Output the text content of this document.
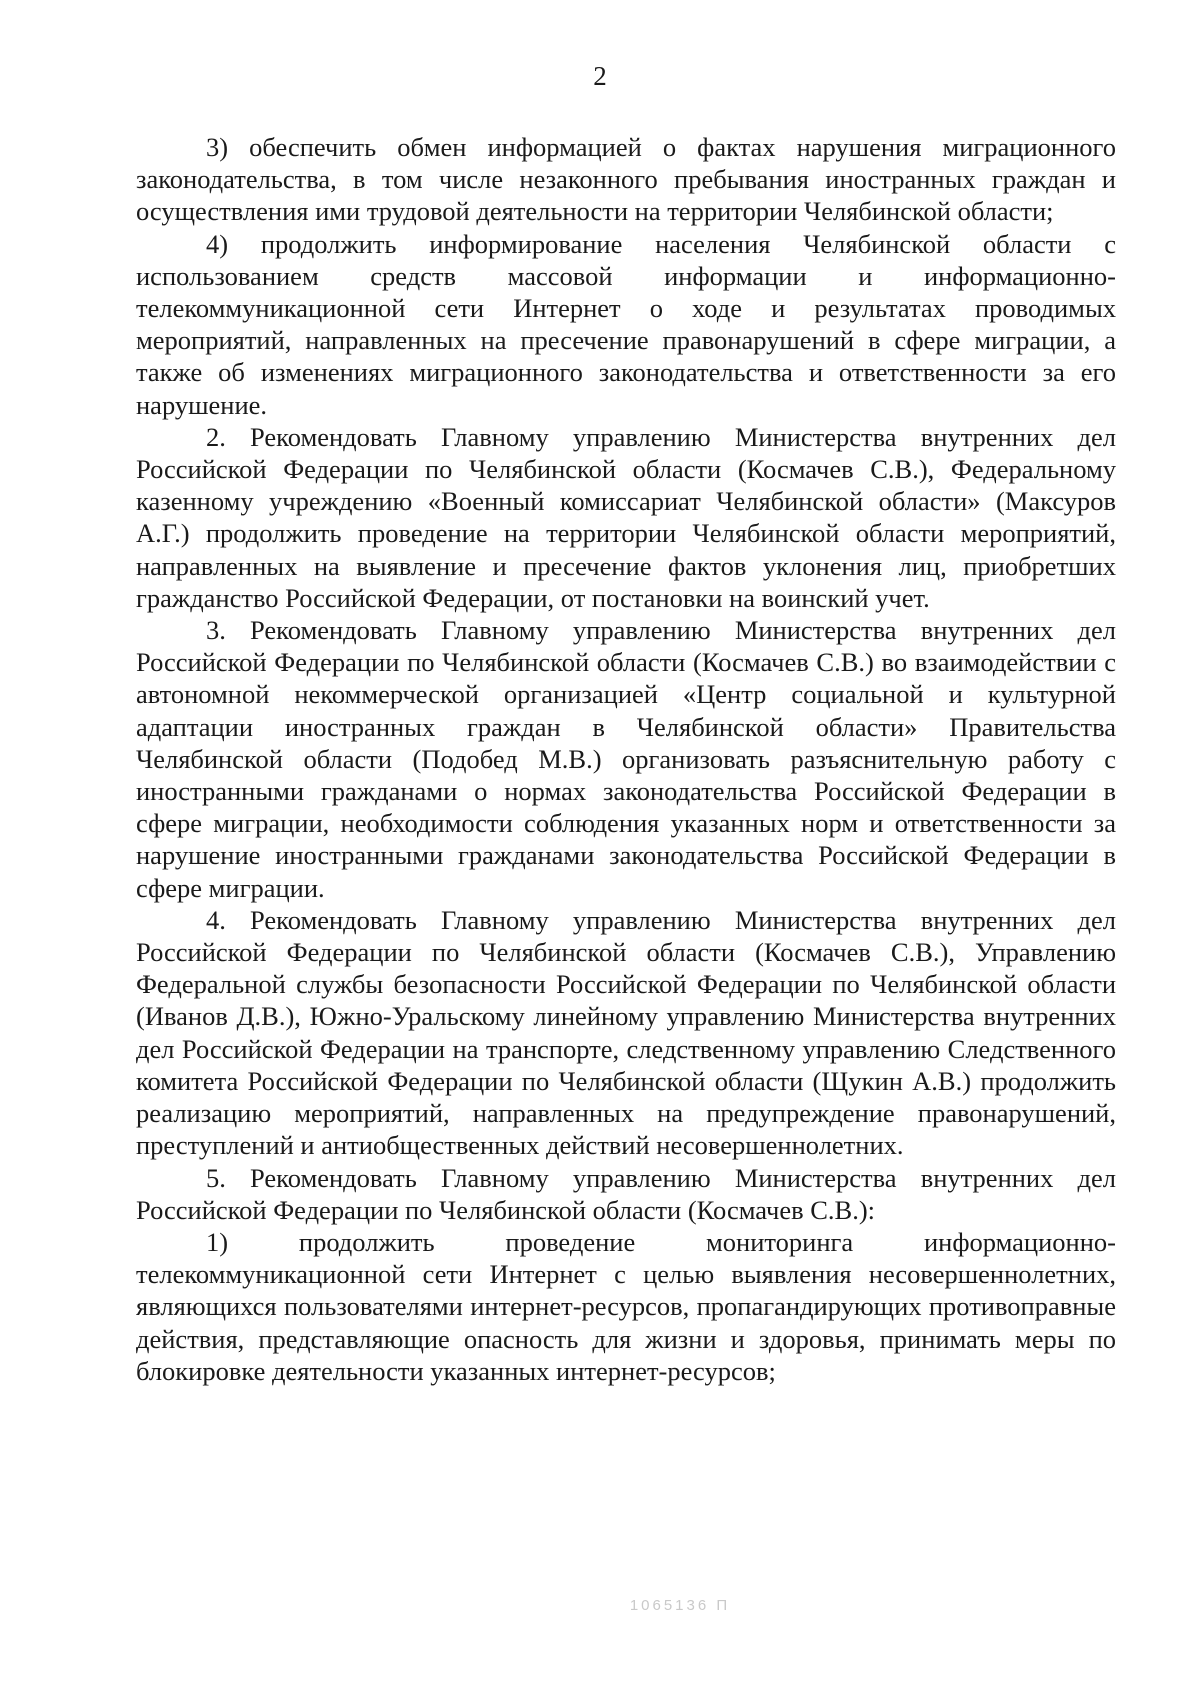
2

3) обеспечить обмен информацией о фактах нарушения миграционного законодательства, в том числе незаконного пребывания иностранных граждан и осуществления ими трудовой деятельности на территории Челябинской области;

4) продолжить информирование населения Челябинской области с использованием средств массовой информации и информационно-телекоммуникационной сети Интернет о ходе и результатах проводимых мероприятий, направленных на пресечение правонарушений в сфере миграции, а также об изменениях миграционного законодательства и ответственности за его нарушение.

2. Рекомендовать Главному управлению Министерства внутренних дел Российской Федерации по Челябинской области (Космачев С.В.), Федеральному казенному учреждению «Военный комиссариат Челябинской области» (Максуров А.Г.) продолжить проведение на территории Челябинской области мероприятий, направленных на выявление и пресечение фактов уклонения лиц, приобретших гражданство Российской Федерации, от постановки на воинский учет.

3. Рекомендовать Главному управлению Министерства внутренних дел Российской Федерации по Челябинской области (Космачев С.В.) во взаимодействии с автономной некоммерческой организацией «Центр социальной и культурной адаптации иностранных граждан в Челябинской области» Правительства Челябинской области (Подобед М.В.) организовать разъяснительную работу с иностранными гражданами о нормах законодательства Российской Федерации в сфере миграции, необходимости соблюдения указанных норм и ответственности за нарушение иностранными гражданами законодательства Российской Федерации в сфере миграции.

4. Рекомендовать Главному управлению Министерства внутренних дел Российской Федерации по Челябинской области (Космачев С.В.), Управлению Федеральной службы безопасности Российской Федерации по Челябинской области (Иванов Д.В.), Южно-Уральскому линейному управлению Министерства внутренних дел Российской Федерации на транспорте, следственному управлению Следственного комитета Российской Федерации по Челябинской области (Щукин А.В.) продолжить реализацию мероприятий, направленных на предупреждение правонарушений, преступлений и антиобщественных действий несовершеннолетних.

5. Рекомендовать Главному управлению Министерства внутренних дел Российской Федерации по Челябинской области (Космачев С.В.):

1) продолжить проведение мониторинга информационно-телекоммуникационной сети Интернет с целью выявления несовершеннолетних, являющихся пользователями интернет-ресурсов, пропагандирующих противоправные действия, представляющие опасность для жизни и здоровья, принимать меры по блокировке деятельности указанных интернет-ресурсов;

1065136 П
